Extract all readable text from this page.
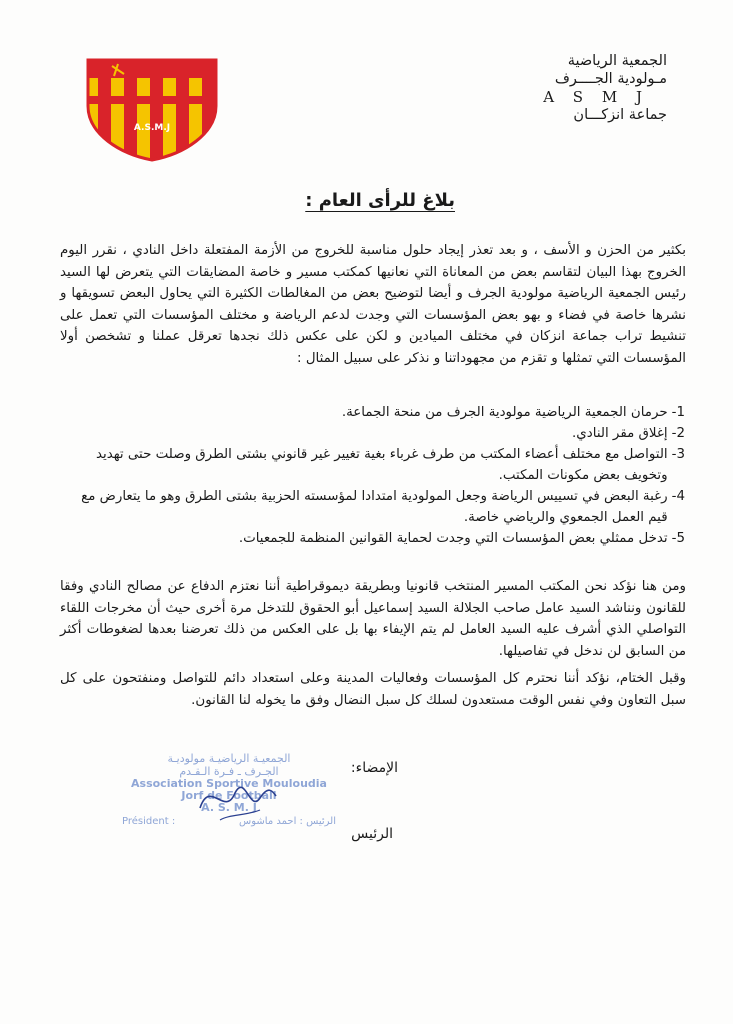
الجمعية الرياضية
مـولودية الجــــرف
A S M J
جماعة انزكـــان
A.S.M.J
بلاغ للرأى العام :
بكثير من الحزن و الأسف ، و بعد تعذر إيجاد حلول مناسبة للخروج من الأزمة المفتعلة داخل النادي ، نقرر اليوم الخروج بهذا البيان لتقاسم بعض من المعاناة التي نعانيها كمكتب مسير و خاصة المضايقات التي يتعرض لها السيد رئيس الجمعية الرياضية مولودية الجرف و أيضا لتوضيح بعض من المغالطات الكثيرة التي يحاول البعض تسويقها و نشرها خاصة في فضاء و بهو بعض المؤسسات التي وجدت لدعم الرياضة و مختلف المؤسسات التي تعمل على تنشيط تراب جماعة انزكان في مختلف الميادين و لكن على عكس ذلك نجدها تعرقل عملنا و تشخصن أولا المؤسسات التي تمثلها و تقزم من مجهوداتنا و نذكر على سبيل المثال :
1-
حرمان الجمعية الرياضية مولودية الجرف من منحة الجماعة.
2-
إغلاق مقر النادي.
3-
التواصل مع مختلف أعضاء المكتب من طرف غرباء بغية تغيير غير قانوني بشتى الطرق وصلت حتى تهديد وتخويف بعض مكونات المكتب.
4-
رغبة البعض في تسييس الرياضة وجعل المولودية امتدادا لمؤسسته الحزبية بشتى الطرق وهو ما يتعارض مع قيم العمل الجمعوي والرياضي خاصة.
5-
تدخل ممثلي بعض المؤسسات التي وجدت لحماية القوانين المنظمة للجمعيات.
ومن هنا نؤكد نحن المكتب المسير المنتخب قانونيا وبطريقة ديموقراطية أننا نعتزم الدفاع عن مصالح النادي وفقا للقانون ونناشد السيد عامل صاحب الجلالة السيد إسماعيل أبو الحقوق للتدخل مرة أخرى حيث أن مخرجات اللقاء التواصلي الذي أشرف عليه السيد العامل لم يتم الإيفاء بها بل على العكس من ذلك تعرضنا بعدها لضغوطات أكثر من السابق لن ندخل في تفاصيلها.
وقبل الختام، نؤكد أننا نحترم كل المؤسسات وفعاليات المدينة وعلى استعداد دائم للتواصل ومنفتحون على كل سبل التعاون وفي نفس الوقت مستعدون لسلك كل سبل النضال وفق ما يخوله لنا القانون.
الإمضاء:
الرئيس
الجمعيـة الرياضيـة مولوديـة
الجـرف ـ فـرة الـقـدم
Association Sportive Mouloudia
Jorf de Football
A. S. M. J
Président :	الرئيس : احمد ماشوس
